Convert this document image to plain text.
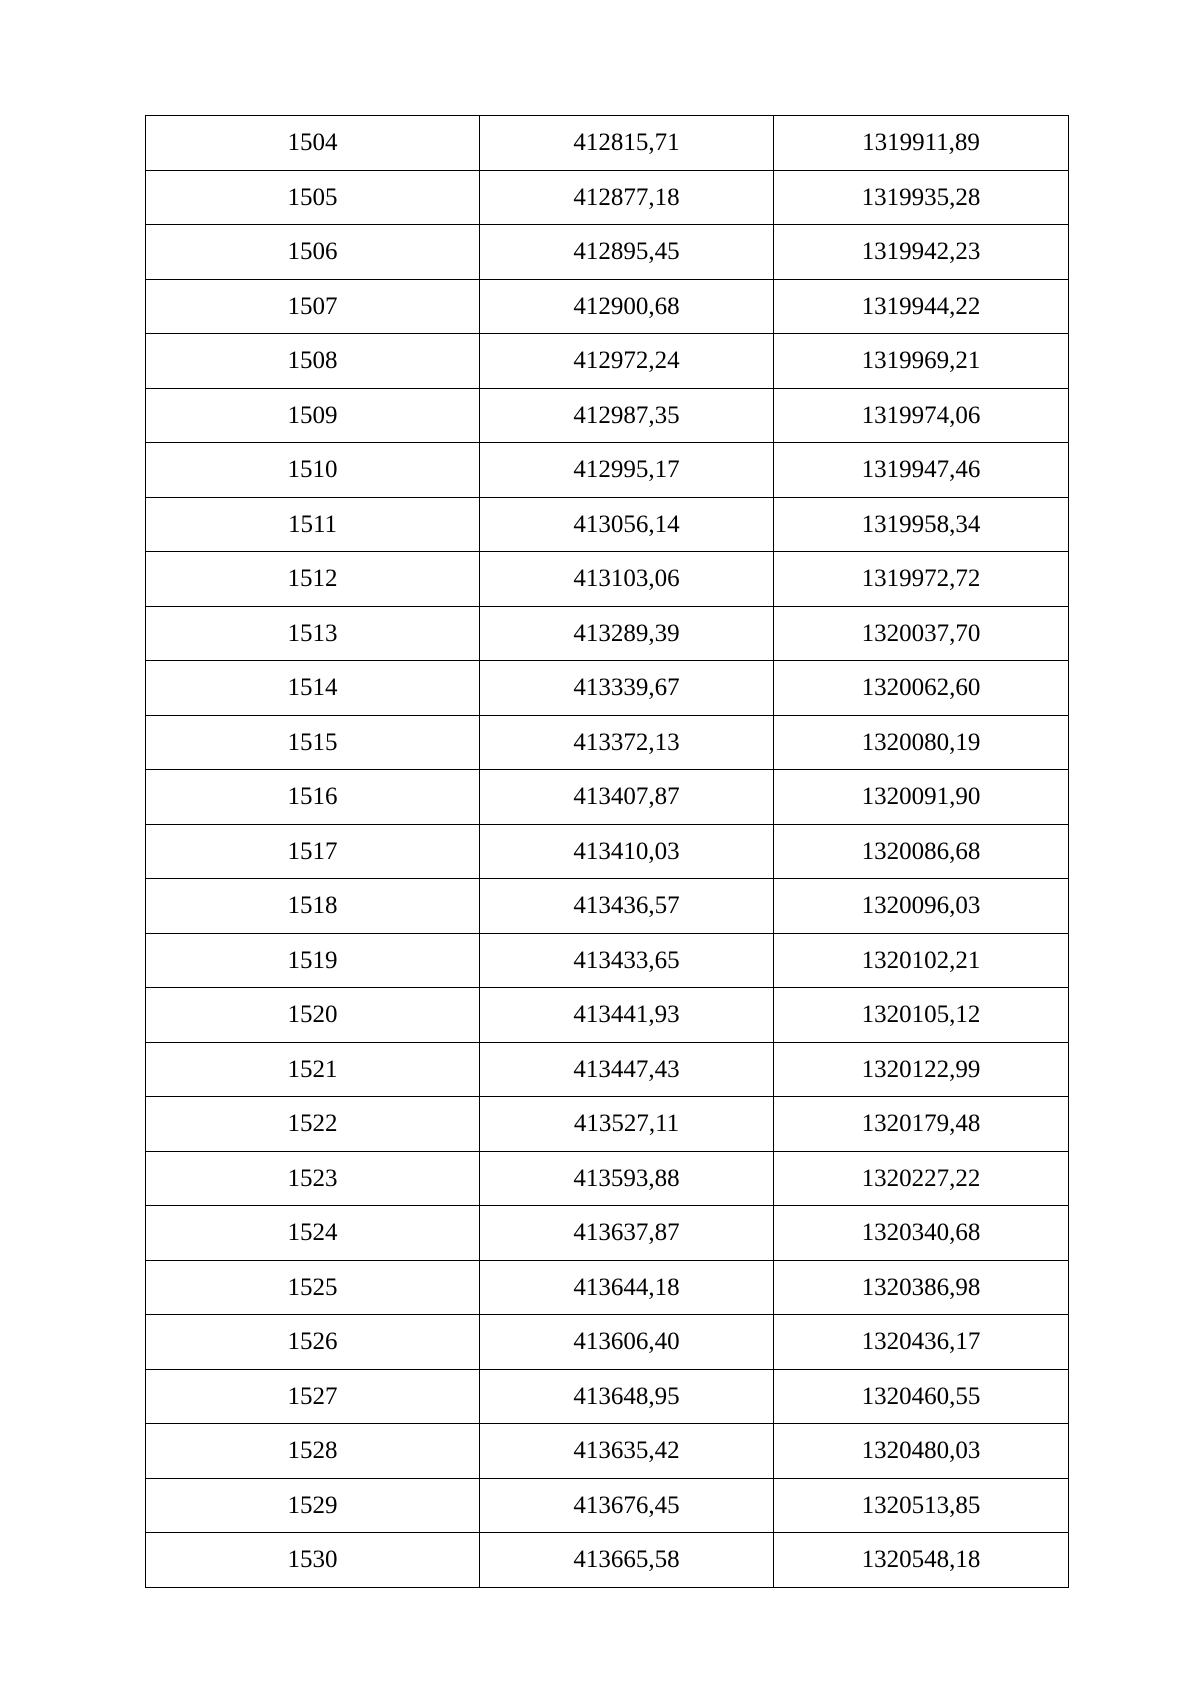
1504	412815,71	1319911,89
1505	412877,18	1319935,28
1506	412895,45	1319942,23
1507	412900,68	1319944,22
1508	412972,24	1319969,21
1509	412987,35	1319974,06
1510	412995,17	1319947,46
1511	413056,14	1319958,34
1512	413103,06	1319972,72
1513	413289,39	1320037,70
1514	413339,67	1320062,60
1515	413372,13	1320080,19
1516	413407,87	1320091,90
1517	413410,03	1320086,68
1518	413436,57	1320096,03
1519	413433,65	1320102,21
1520	413441,93	1320105,12
1521	413447,43	1320122,99
1522	413527,11	1320179,48
1523	413593,88	1320227,22
1524	413637,87	1320340,68
1525	413644,18	1320386,98
1526	413606,40	1320436,17
1527	413648,95	1320460,55
1528	413635,42	1320480,03
1529	413676,45	1320513,85
1530	413665,58	1320548,18
